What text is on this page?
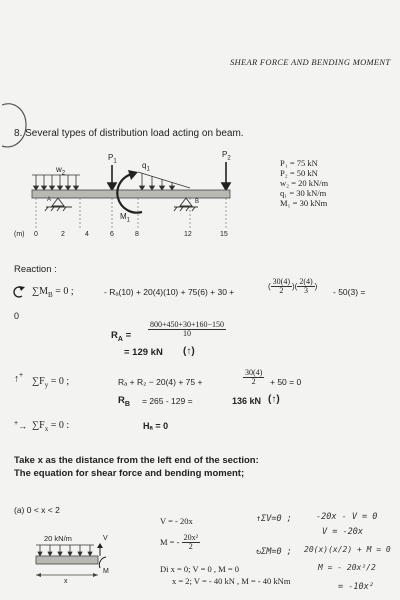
SHEAR FORCE AND BENDING MOMENT
8. Several types of distribution load acting on beam.
$P_1$
$P_2$
$w_2$
$q_1$
$M_1$
A	B
(m) 0	2	4	6	8	12	15
P₁ = 75 kN
P₂ = 50 kN
w₂ = 20 kN/m
q₁ = 30 kN/m
M₁ = 30 kNm
Reaction :
$\sum M_B = 0$ ;	- Rₐ(10) + 20(4)(10) + 75(6) + 30 +
( $\frac{30(4)}{2}$ )( $\frac{2(4)}{3}$ )
- 50(3) =
0
$R_A = \frac{800+450+30+160-150}{10}$
= 129 kN (↑)
↑+
$\sum F_y = 0$ ;	Rₐ + R₂ − 20(4) + 75 +	$\frac{30(4)}{2} + 50 = 0$
$R_B = 265 - 129$ =	136 kN (↑)
$^+\to \sum F_x = 0$ :	Hₐ = 0
Take x as the distance from the left end of the section:
The equation for shear force and bending moment;
(a) 0 < x < 2
20 kN/m	V
M
x
V = - 20x
M = - $\frac{\text{20x²}}{2}$
Di x = 0; V = 0 , M = 0
x = 2; V = - 40 kN , M = - 40 kNm
↑ΣV=0 ;	-20x - V = 0
V = -20x
↻ΣM=0 ; 20(x)(x/2) + M = 0
M = - 20x²/2
= -10x²
